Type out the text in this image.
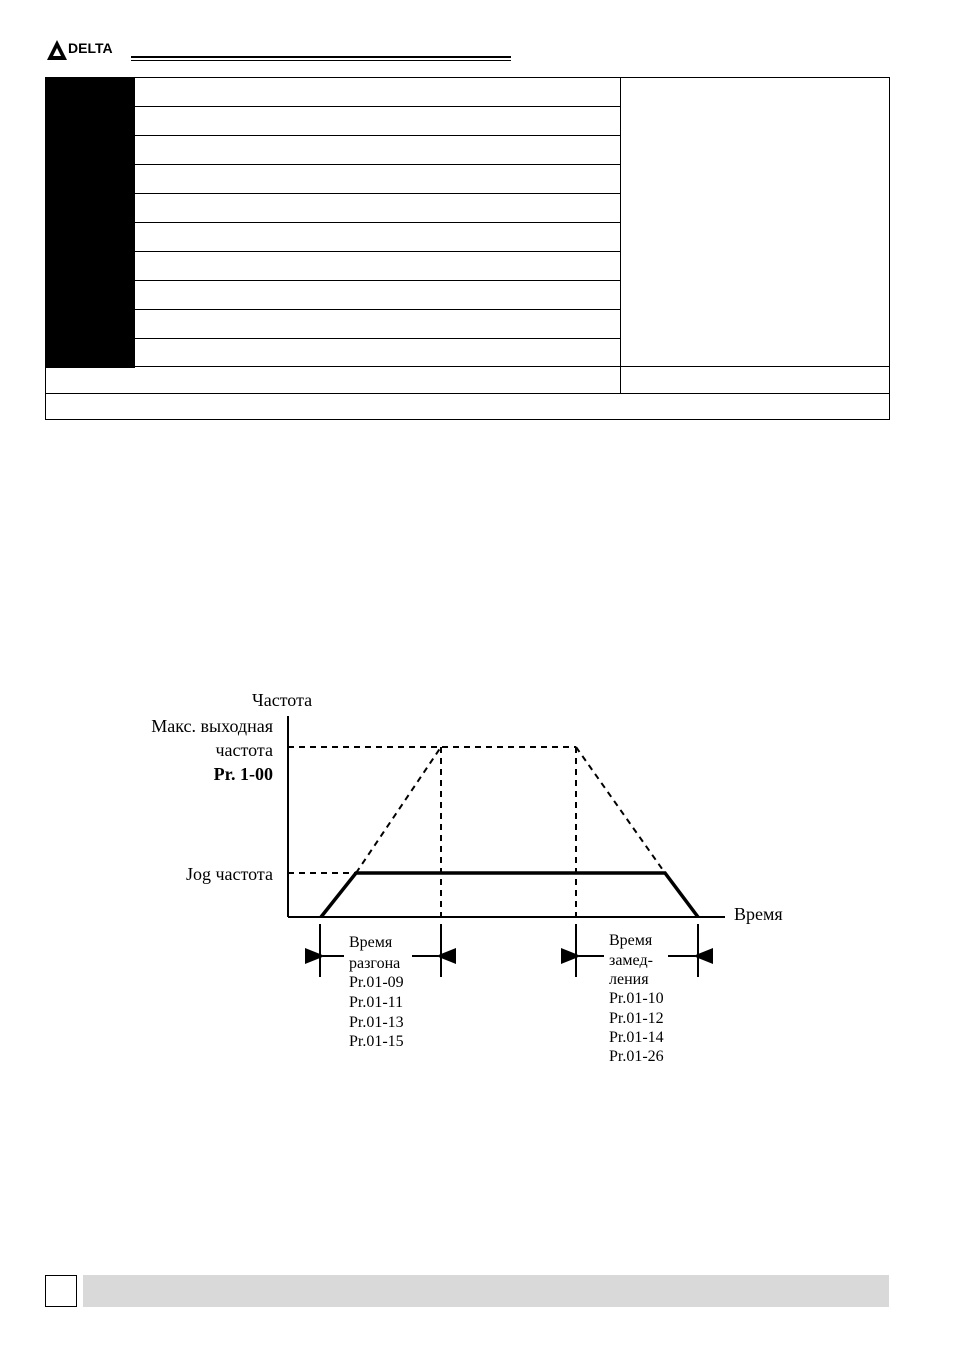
DELTA
Частота
Время
Макс. выходная
частота
Pr. 1-00
Jog частота
Время
разгона
Pr.01-09
Pr.01-11
Pr.01-13
Pr.01-15
Время
замед-
ления
Pr.01-10
Pr.01-12
Pr.01-14
Pr.01-26
